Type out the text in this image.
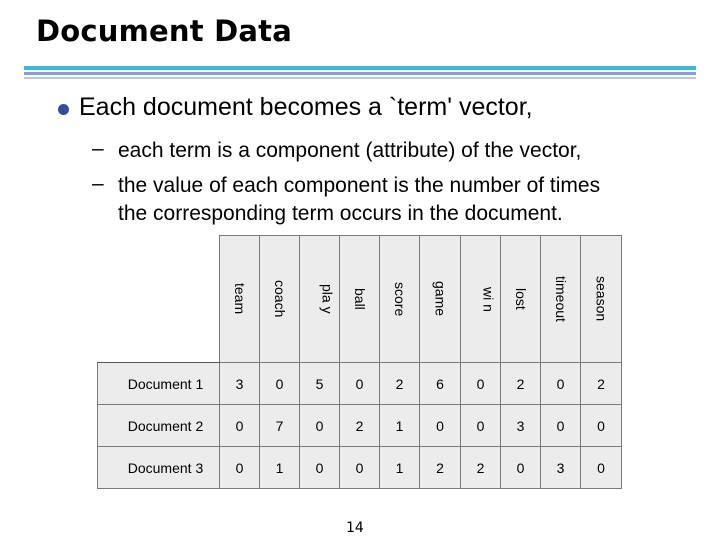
Document Data
Each document becomes a `term' vector,
– each term is a component (attribute) of the vector,
– the value of each component is the number of times
the corresponding term occurs in the document.

	team	coach	pla y	ball	score	game	wi n	lost	timeout	season

Document 1	3	0	5	0	2	6	0	2	0	2
Document 2	0	7	0	2	1	0	0	3	0	0
Document 3	0	1	0	0	1	2	2	0	3	0
14
